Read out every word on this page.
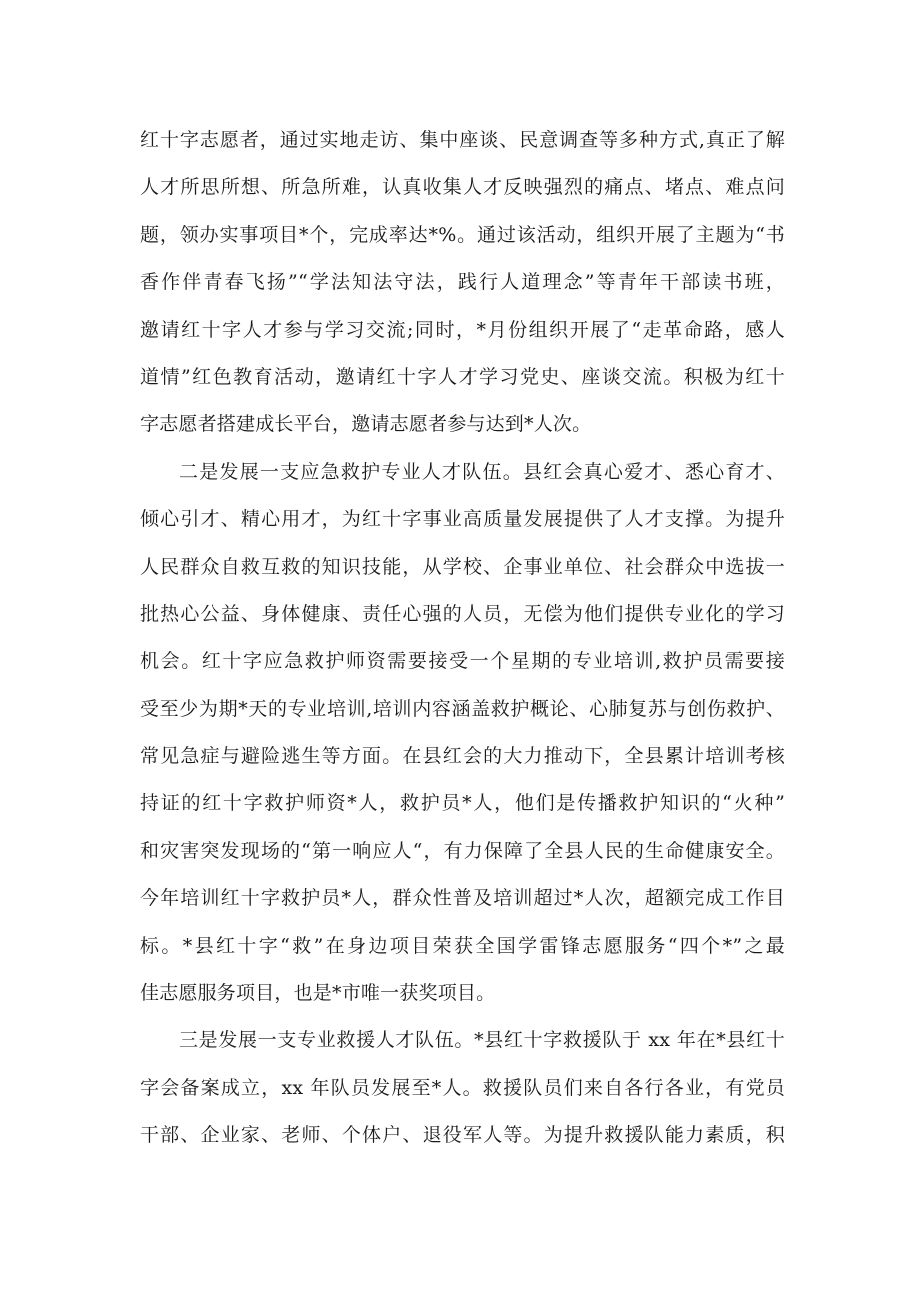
红十字志愿者，通过实地走访、集中座谈、民意调查等多种方式,真正了解
人才所思所想、所急所难，认真收集人才反映强烈的痛点、堵点、难点问
题，领办实事项目*个，完成率达*%。通过该活动，组织开展了主题为“书
香作伴青春飞扬”“学法知法守法，践行人道理念”等青年干部读书班，
邀请红十字人才参与学习交流;同时，*月份组织开展了“走革命路，感人
道情”红色教育活动，邀请红十字人才学习党史、座谈交流。积极为红十
字志愿者搭建成长平台，邀请志愿者参与达到*人次。
二是发展一支应急救护专业人才队伍。县红会真心爱才、悉心育才、
倾心引才、精心用才，为红十字事业高质量发展提供了人才支撑。为提升
人民群众自救互救的知识技能，从学校、企事业单位、社会群众中选拔一
批热心公益、身体健康、责任心强的人员，无偿为他们提供专业化的学习
机会。红十字应急救护师资需要接受一个星期的专业培训,救护员需要接
受至少为期*天的专业培训,培训内容涵盖救护概论、心肺复苏与创伤救护、
常见急症与避险逃生等方面。在县红会的大力推动下，全县累计培训考核
持证的红十字救护师资*人，救护员*人，他们是传播救护知识的“火种”
和灾害突发现场的“第一响应人“，有力保障了全县人民的生命健康安全。
今年培训红十字救护员*人，群众性普及培训超过*人次，超额完成工作目
标。*县红十字“救”在身边项目荣获全国学雷锋志愿服务“四个*”之最
佳志愿服务项目，也是*市唯一获奖项目。
三是发展一支专业救援人才队伍。*县红十字救援队于 xx 年在*县红十
字会备案成立，xx 年队员发展至*人。救援队员们来自各行各业，有党员
干部、企业家、老师、个体户、退役军人等。为提升救援队能力素质，积
